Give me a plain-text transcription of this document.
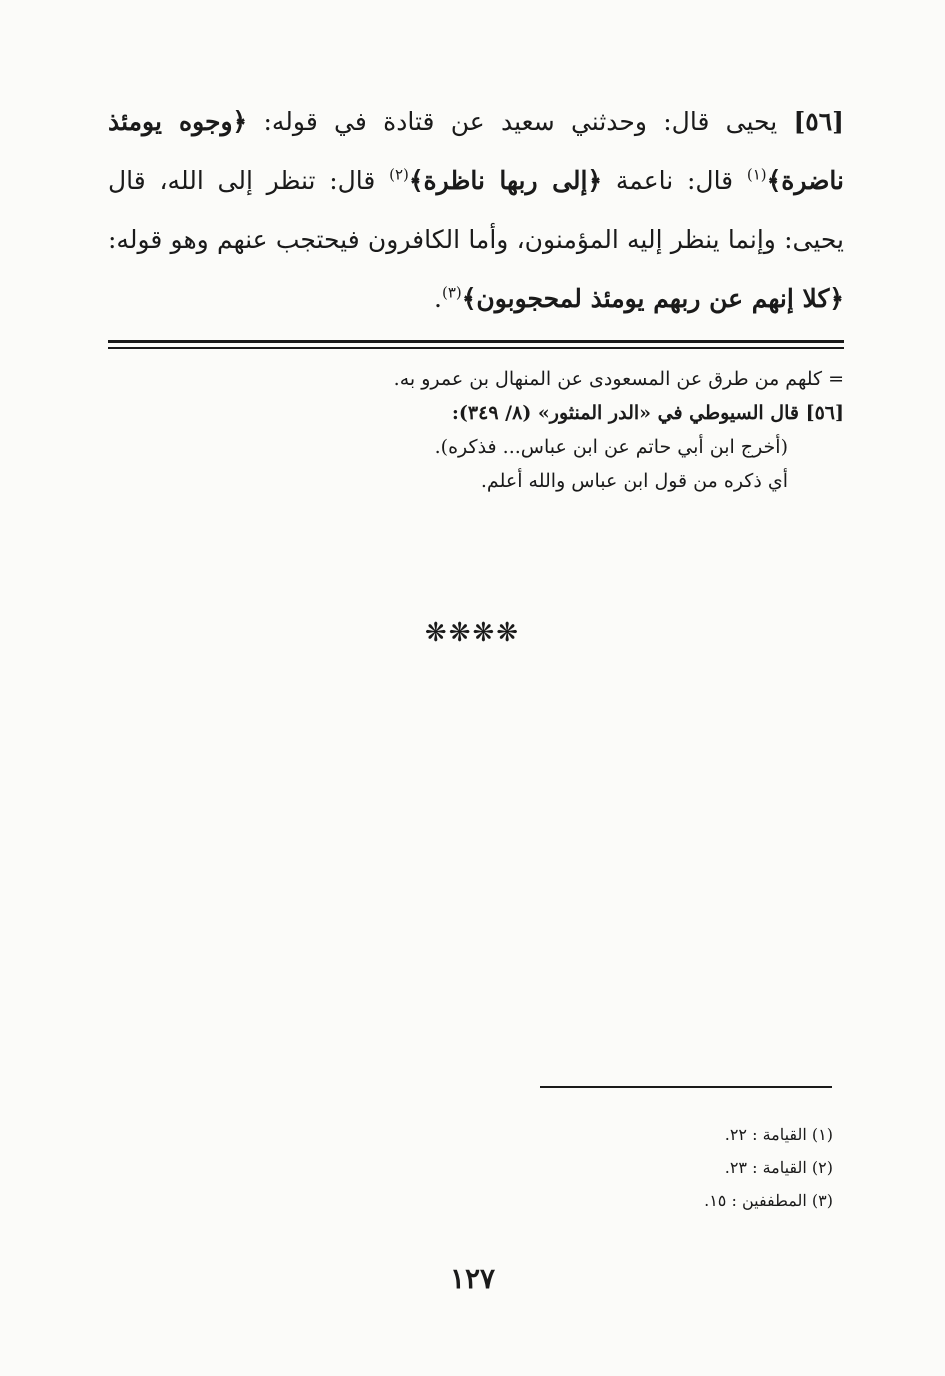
[٥٦] يحيى قال: وحدثني سعيد عن قتادة في قوله: ﴿وجوه يومئذ ناضرة﴾$^{(١)}$ قال: ناعمة ﴿إلى ربها ناظرة﴾$^{(٢)}$ قال: تنظر إلى الله، قال يحيى: وإنما ينظر إليه المؤمنون، وأما الكافرون فيحتجب عنهم وهو قوله: ﴿كلا إنهم عن ربهم يومئذ لمحجوبون﴾$^{(٣)}$.

= كلهم من طرق عن المسعودى عن المنهال بن عمرو به.

[٥٦] قال السيوطي في «الدر المنثور» (٨/ ٣٤٩):

(أخرج ابن أبي حاتم عن ابن عباس... فذكره).

أي ذكره من قول ابن عباس والله أعلم.

❋❋❋❋

(١) القيامة : ٢٢.

(٢) القيامة : ٢٣.

(٣) المطففين : ١٥.

١٢٧
